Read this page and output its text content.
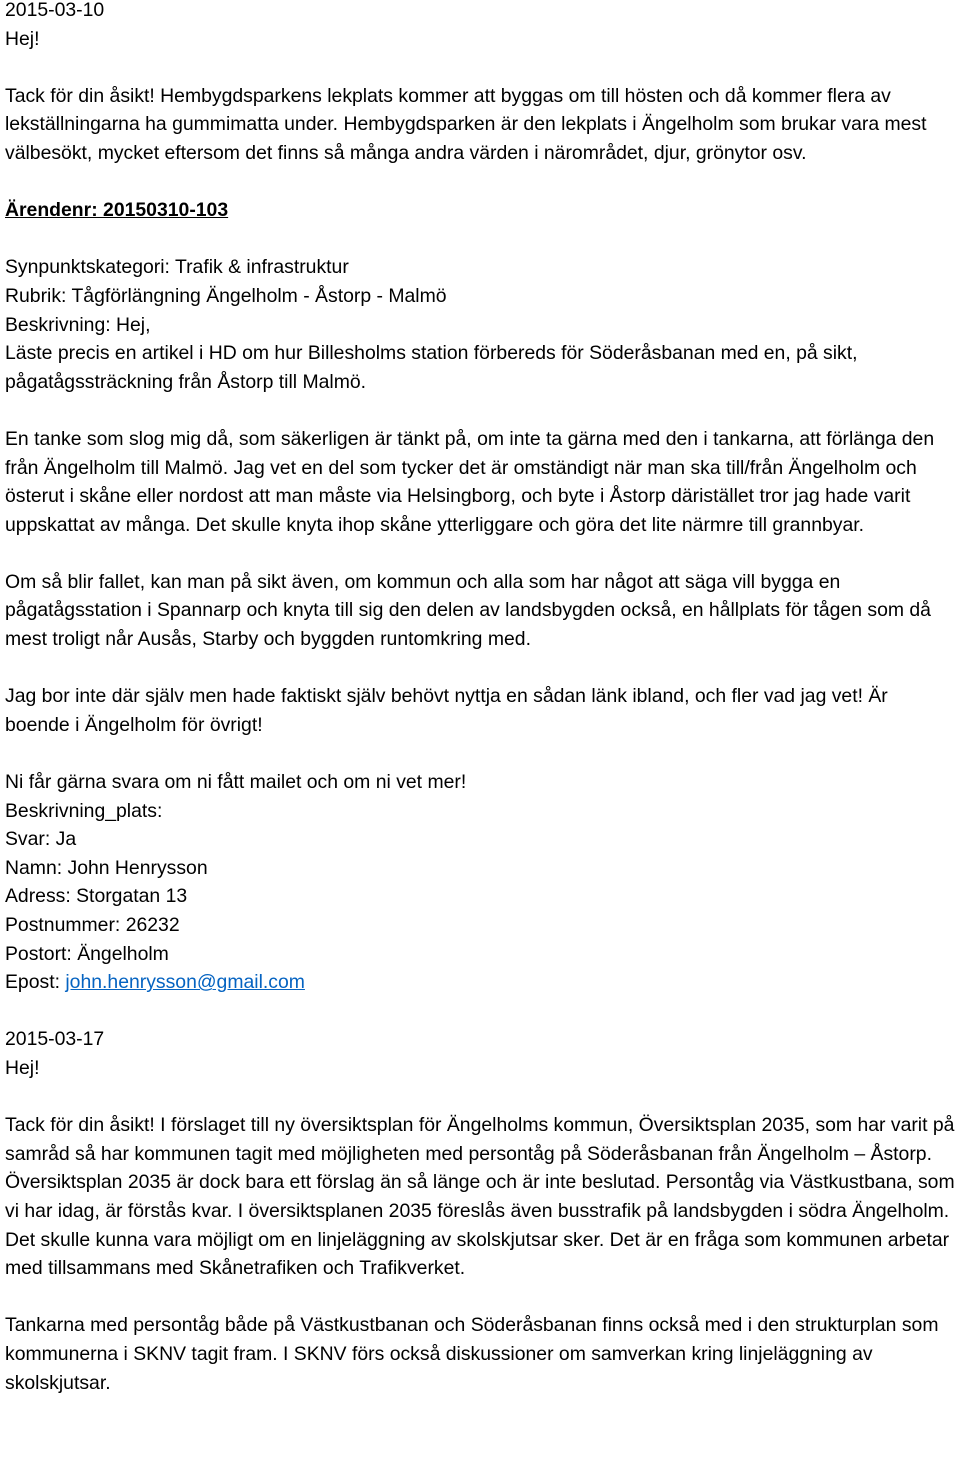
2015-03-10
Hej!
Tack för din åsikt! Hembygdsparkens lekplats kommer att byggas om till hösten och då kommer flera av lekställningarna ha gummimatta under. Hembygdsparken är den lekplats i Ängelholm som brukar vara mest välbesökt, mycket eftersom det finns så många andra värden i närområdet, djur, grönytor osv.
Ärendenr: 20150310-103
Synpunktskategori: Trafik & infrastruktur
Rubrik: Tågförlängning Ängelholm - Åstorp - Malmö
Beskrivning: Hej,
Läste precis en artikel i HD om hur Billesholms station förbereds för Söderåsbanan med en, på sikt, pågatågssträckning från Åstorp till Malmö.
En tanke som slog mig då, som säkerligen är tänkt på, om inte ta gärna med den i tankarna, att förlänga den från Ängelholm till Malmö. Jag vet en del som tycker det är omständigt när man ska till/från Ängelholm och österut i skåne eller nordost att man måste via Helsingborg, och byte i Åstorp däristället tror jag hade varit uppskattat av många. Det skulle knyta ihop skåne ytterliggare och göra det lite närmre till grannbyar.
Om så blir fallet, kan man på sikt även, om kommun och alla som har något att säga vill bygga en pågatågsstation i Spannarp och knyta till sig den delen av landsbygden också, en hållplats för tågen som då mest troligt når Ausås, Starby och byggden runtomkring med.
Jag bor inte där själv men hade faktiskt själv behövt nyttja en sådan länk ibland, och fler vad jag vet! Är boende i Ängelholm för övrigt!
Ni får gärna svara om ni fått mailet och om ni vet mer!
Beskrivning_plats:
Svar: Ja
Namn: John Henrysson
Adress: Storgatan 13
Postnummer: 26232
Postort: Ängelholm
Epost: john.henrysson@gmail.com
2015-03-17
Hej!
Tack för din åsikt! I förslaget till ny översiktsplan för Ängelholms kommun, Översiktsplan 2035, som har varit på samråd så har kommunen tagit med möjligheten med persontåg på Söderåsbanan från Ängelholm – Åstorp. Översiktsplan 2035 är dock bara ett förslag än så länge och är inte beslutad. Persontåg via Västkustbana, som vi har idag, är förstås kvar. I översiktsplanen 2035 föreslås även busstrafik på landsbygden i södra Ängelholm. Det skulle kunna vara möjligt om en linjeläggning av skolskjutsar sker. Det är en fråga som kommunen arbetar med tillsammans med Skånetrafiken och Trafikverket.
Tankarna med persontåg både på Västkustbanan och Söderåsbanan finns också med i den strukturplan som kommunerna i SKNV tagit fram. I SKNV förs också diskussioner om samverkan kring linjeläggning av skolskjutsar.
